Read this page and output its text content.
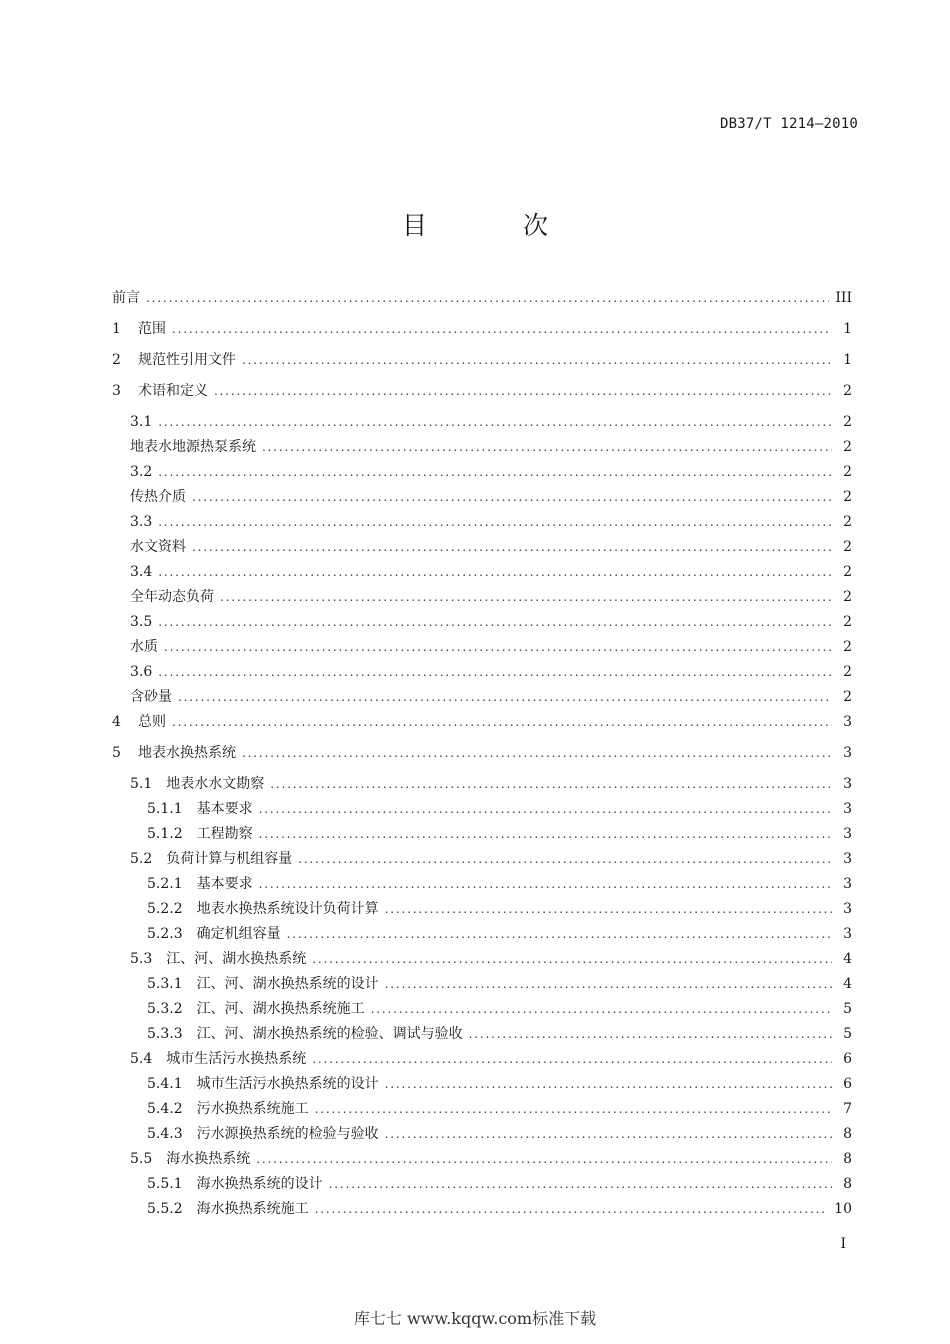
DB37/T 1214—2010
目 次
前言 . . .	III
1	范围 . . .	1
2	规范性引用文件 . . .	1
3	术语和定义 . . .	2
3.1 . . .	2
地表水地源热泵系统 . . .	2
3.2 . . .	2
传热介质 . . .	2
3.3 . . .	2
水文资料 . . .	2
3.4 . . .	2
全年动态负荷 . . .	2
3.5 . . .	2
水质 . . .	2
3.6 . . .	2
含砂量 . . .	2
4	总则 . . .	3
5	地表水换热系统 . . .	3
5.1 地表水水文勘察 . . .	3
5.1.1 基本要求 . . .	3
5.1.2 工程勘察 . . .	3
5.2 负荷计算与机组容量 . . .	3
5.2.1 基本要求 . . .	3
5.2.2 地表水换热系统设计负荷计算 . . .	3
5.2.3 确定机组容量 . . .	3
5.3 江、河、湖水换热系统 . . .	4
5.3.1 江、河、湖水换热系统的设计 . . .	4
5.3.2 江、河、湖水换热系统施工 . . .	5
5.3.3 江、河、湖水换热系统的检验、调试与验收 . . .	5
5.4 城市生活污水换热系统 . . .	6
5.4.1 城市生活污水换热系统的设计 . . .	6
5.4.2 污水换热系统施工 . . .	7
5.4.3 污水源换热系统的检验与验收 . . .	8
5.5 海水换热系统 . . .	8
5.5.1 海水换热系统的设计 . . .	8
5.5.2 海水换热系统施工 . . .	10
I
库七七 www.kqqw.com标准下载
